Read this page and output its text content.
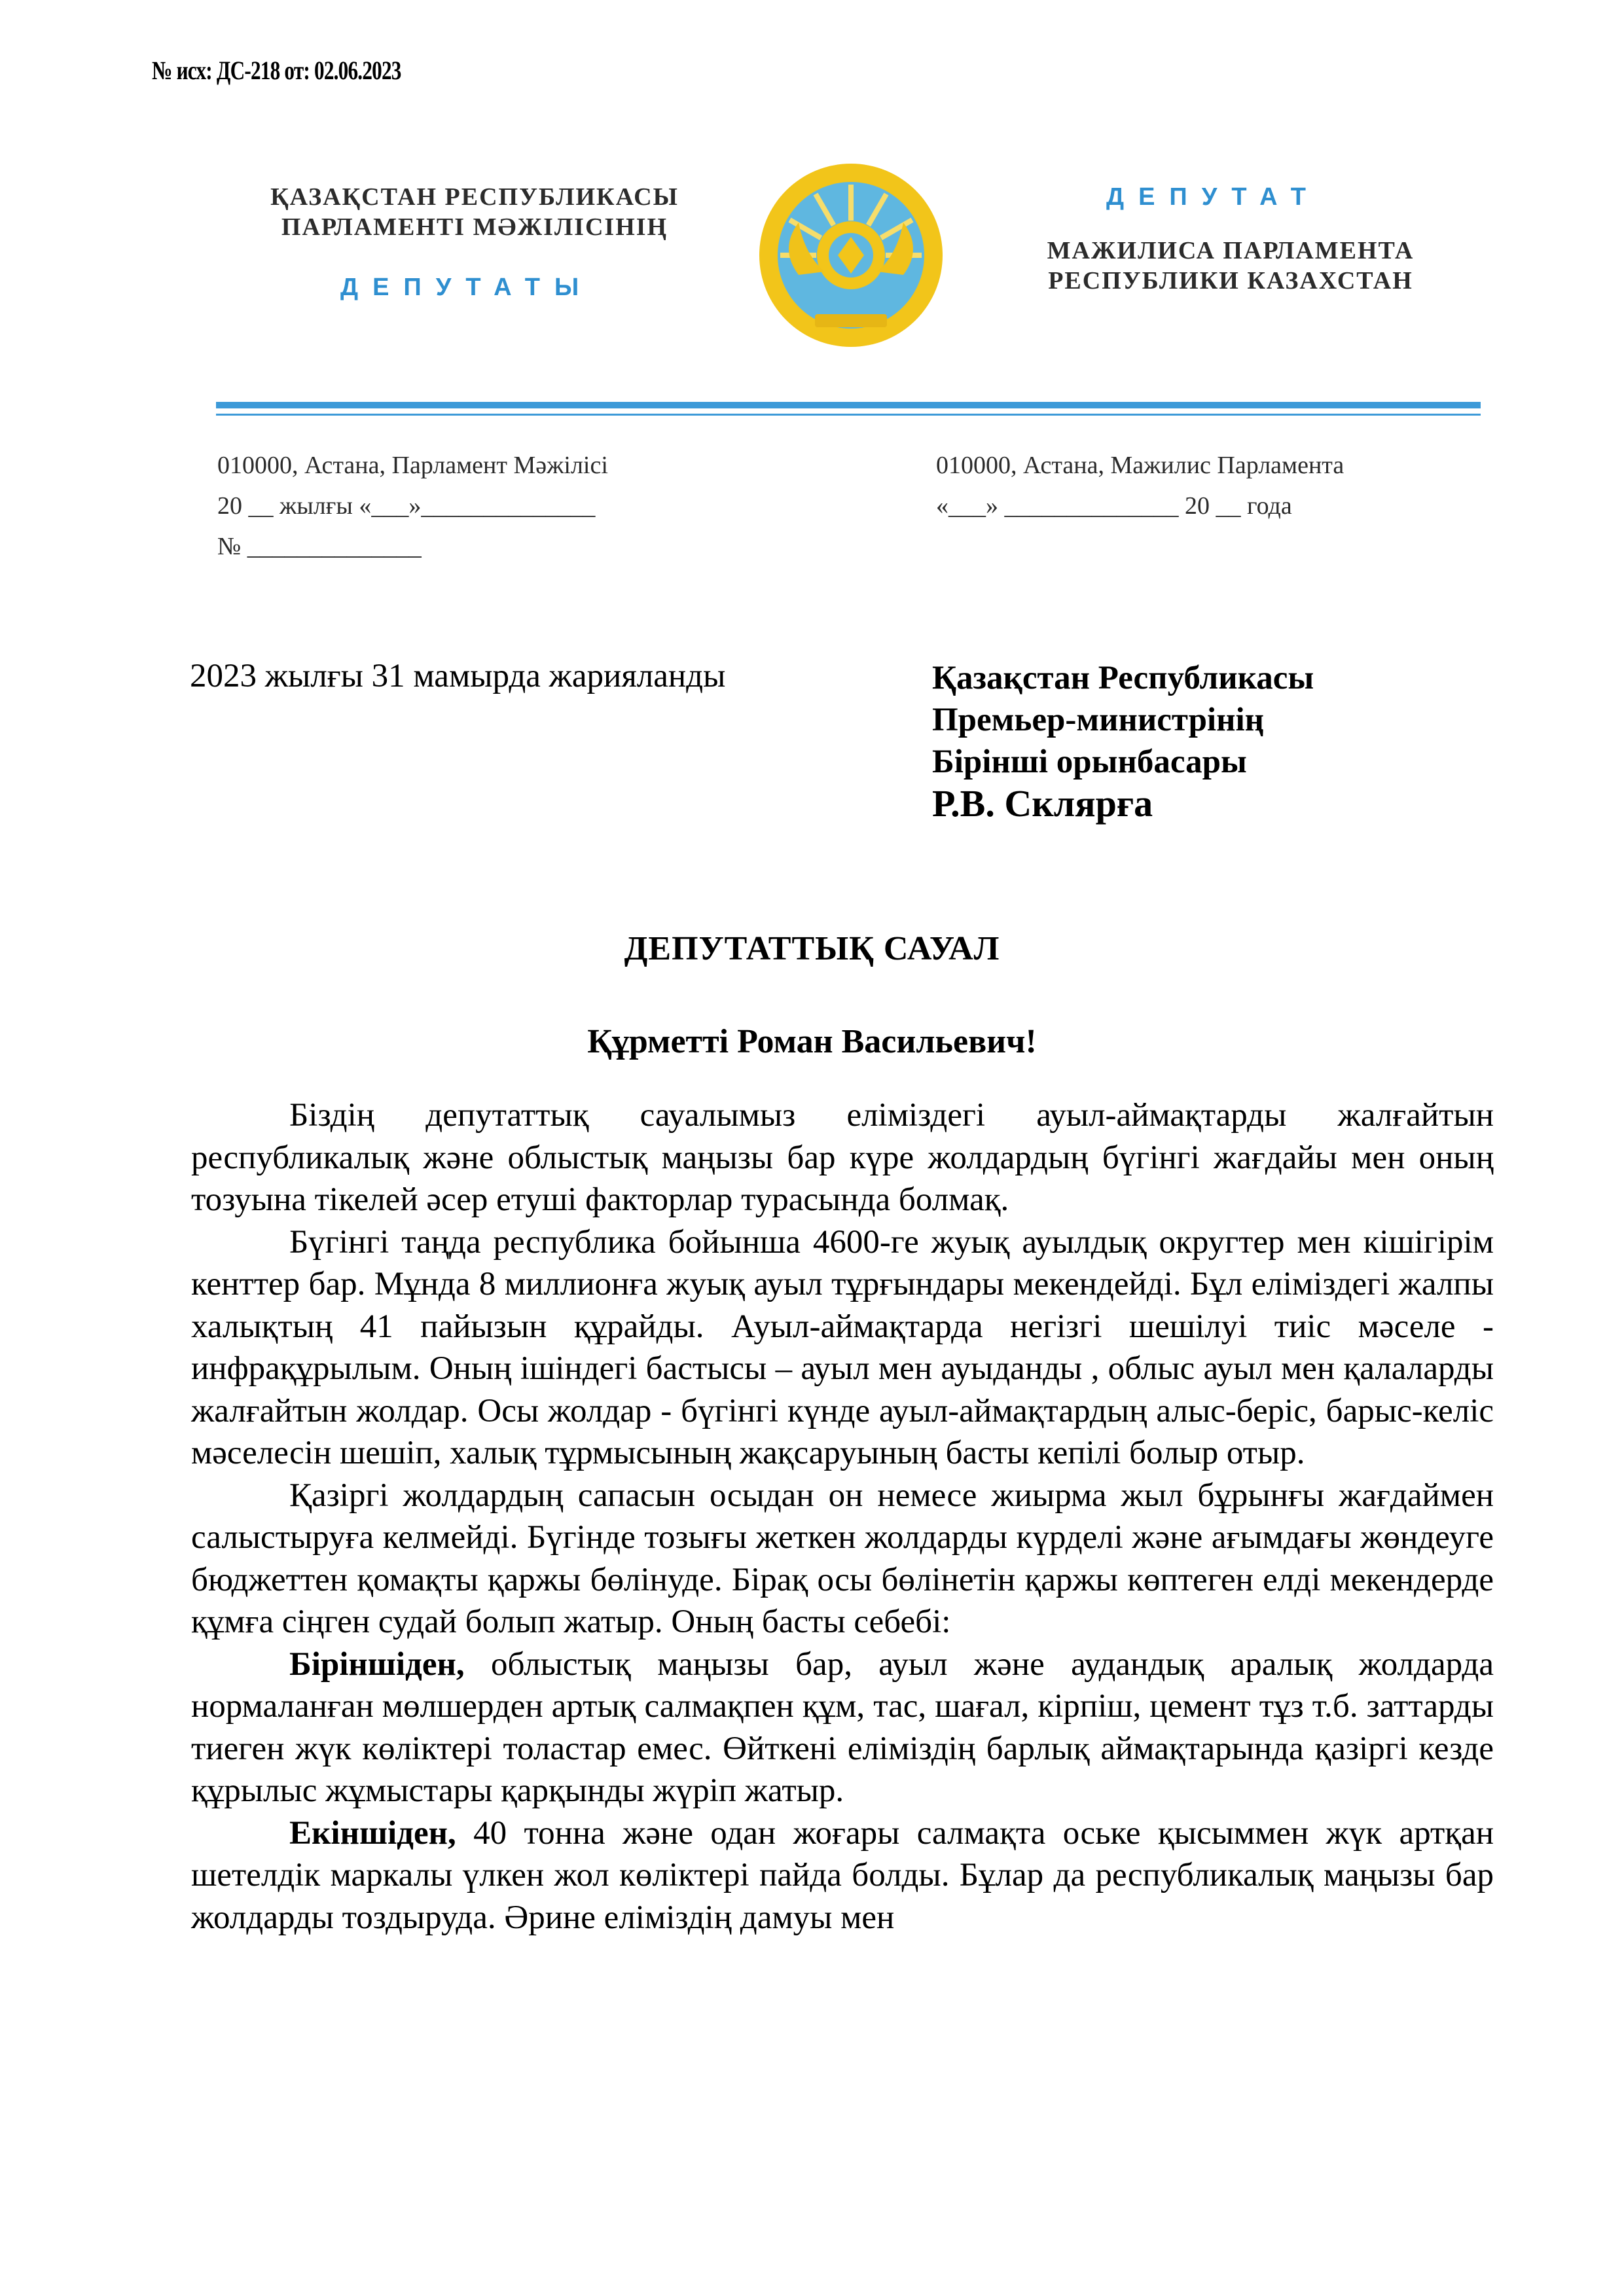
№ исх: ДС-218 от: 02.06.2023
ҚАЗАҚСТАН РЕСПУБЛИКАСЫ
ПАРЛАМЕНТІ МӘЖІЛІСІНІҢ
ДЕПУТАТЫ
ДЕПУТАТ
МАЖИЛИСА ПАРЛАМЕНТА
РЕСПУБЛИКИ КАЗАХСТАН
010000, Астана, Парламент Мәжілісі
20 __ жылғы «___»______________
№ ______________
010000, Астана, Мажилис Парламента
«___» ______________ 20 __ года
2023 жылғы 31 мамырда жарияланды	Қазақстан Республикасы
Премьер-министрінің
Бірінші орынбасары
Р.В. Склярға
ДЕПУТАТТЫҚ САУАЛ
Құрметті Роман Васильевич!

Біздің депутаттық сауалымыз еліміздегі ауыл-аймақтарды жалғайтын республикалық және облыстық маңызы бар күре жолдардың бүгінгі жағдайы мен оның тозуына тікелей әсер етуші факторлар турасында болмақ.

Бүгінгі таңда республика бойынша 4600-ге жуық ауылдық округтер мен кішігірім кенттер бар. Мұнда 8 миллионға жуық ауыл тұрғындары мекендейді. Бұл еліміздегі жалпы халықтың 41 пайызын құрайды. Ауыл-аймақтарда негізгі шешілуі тиіс мәселе - инфрақұрылым. Оның ішіндегі бастысы – ауыл мен ауыданды , облыс ауыл мен қалаларды жалғайтын жолдар. Осы жолдар - бүгінгі күнде ауыл-аймақтардың алыс-беріс, барыс-келіс мәселесін шешіп, халық тұрмысының жақсаруының басты кепілі болыр отыр.

Қазіргі жолдардың сапасын осыдан он немесе жиырма жыл бұрынғы жағдаймен салыстыруға келмейді. Бүгінде тозығы жеткен жолдарды күрделі және ағымдағы жөндеуге бюджеттен қомақты қаржы бөлінуде. Бірақ осы бөлінетін қаржы көптеген елді мекендерде құмға сіңген судай болып жатыр. Оның басты себебі:

Біріншіден, облыстық маңызы бар, ауыл және аудандық аралық жолдарда нормаланған мөлшерден артық салмақпен құм, тас, шағал, кірпіш, цемент тұз т.б. заттарды тиеген жүк көліктері толастар емес. Өйткені еліміздің барлық аймақтарында қазіргі кезде құрылыс жұмыстары қарқынды жүріп жатыр.

Екіншіден, 40 тонна және одан жоғары салмақта оське қысыммен жүк артқан шетелдік маркалы үлкен жол көліктері пайда болды. Бұлар да республикалық маңызы бар жолдарды тоздыруда. Әрине еліміздің дамуы мен
